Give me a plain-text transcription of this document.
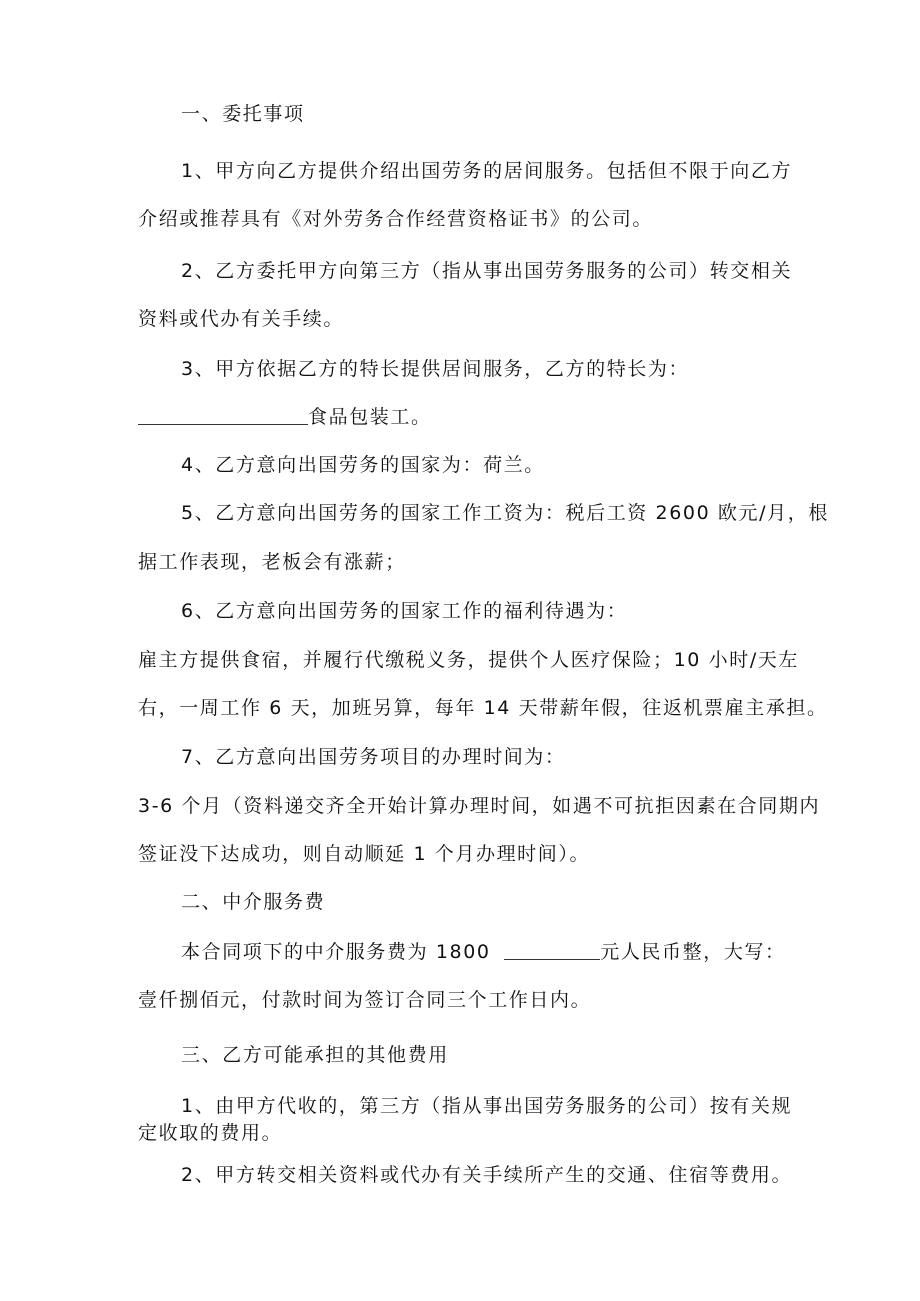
一、委托事项
1、甲方向乙方提供介绍出国劳务的居间服务。包括但不限于向乙方
介绍或推荐具有《对外劳务合作经营资格证书》的公司。
2、乙方委托甲方向第三方（指从事出国劳务服务的公司）转交相关
资料或代办有关手续。
3、甲方依据乙方的特长提供居间服务，乙方的特长为：
食品包装工。
4、乙方意向出国劳务的国家为：荷兰。
5、乙方意向出国劳务的国家工作工资为：税后工资 2600 欧元/月，根
据工作表现，老板会有涨薪；
6、乙方意向出国劳务的国家工作的福利待遇为：
雇主方提供食宿，并履行代缴税义务，提供个人医疗保险；10 小时/天左
右，一周工作 6 天，加班另算，每年 14 天带薪年假，往返机票雇主承担。
7、乙方意向出国劳务项目的办理时间为：
3-6 个月（资料递交齐全开始计算办理时间，如遇不可抗拒因素在合同期内
签证没下达成功，则自动顺延 1 个月办理时间）。
二、中介服务费
本合同项下的中介服务费为 1800	元人民币整，大写：
壹仟捌佰元，付款时间为签订合同三个工作日内。
三、乙方可能承担的其他费用
1、由甲方代收的，第三方（指从事出国劳务服务的公司）按有关规
定收取的费用。
2、甲方转交相关资料或代办有关手续所产生的交通、住宿等费用。
